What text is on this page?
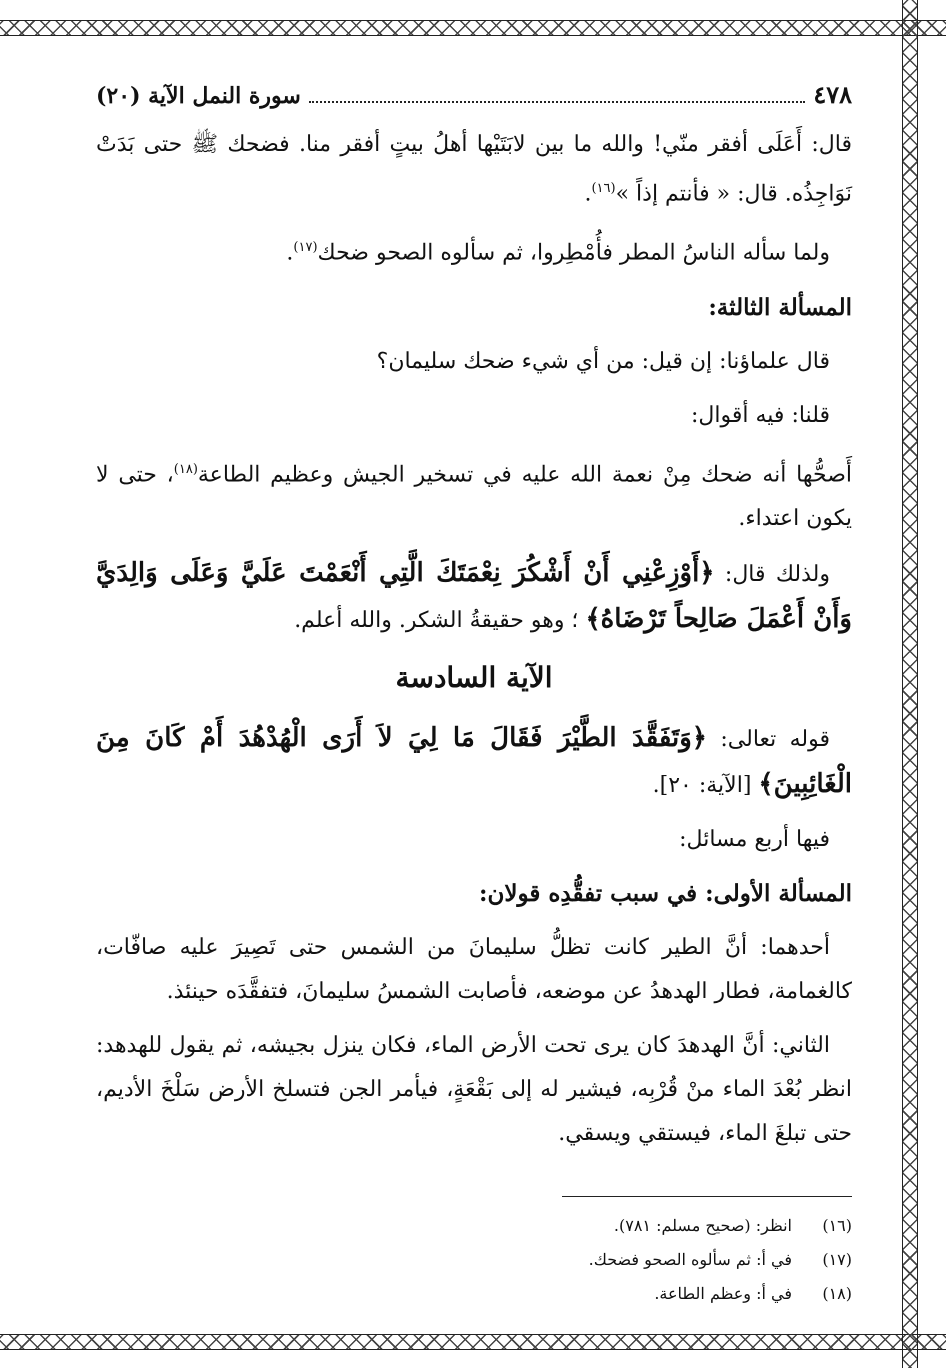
٤٧٨
سورة النمل الآية (٢٠)

قال: أَعَلَى أفقر منّي! والله ما بين لابَتَيْها أهلُ بيتٍ أفقر منا. فضحك ﷺ حتى بَدَتْ نَوَاجِذُه. قال: « فأنتم إذاً »$^{(١٦)}$.

ولما سأله الناسُ المطر فأُمْطِروا، ثم سألوه الصحو ضحك$^{(١٧)}$.

المسألة الثالثة:

قال علماؤنا: إن قيل: من أي شيء ضحك سليمان؟

قلنا: فيه أقوال:

أَصحُّها أنه ضحك مِنْ نعمة الله عليه في تسخير الجيش وعظيم الطاعة$^{(١٨)}$، حتى لا يكون اعتداء.

ولذلك قال: ﴿أَوْزِعْنِي أَنْ أَشْكُرَ نِعْمَتَكَ الَّتِي أَنْعَمْتَ عَلَيَّ وَعَلَى وَالِدَيَّ وَأَنْ أَعْمَلَ صَالِحاً تَرْضَاهُ﴾ ؛ وهو حقيقةُ الشكر. والله أعلم.

الآية السادسة

قوله تعالى: ﴿وَتَفَقَّدَ الطَّيْرَ فَقَالَ مَا لِيَ لاَ أَرَى الْهُدْهُدَ أَمْ كَانَ مِنَ الْغَائِبِينَ﴾ [الآية: ٢٠].

فيها أربع مسائل:

المسألة الأولى: في سبب تفقُّدِه قولان:

أحدهما: أنَّ الطير كانت تظلُّ سليمانَ من الشمس حتى تَصِيرَ عليه صافّات، كالغمامة، فطار الهدهدُ عن موضعه، فأصابت الشمسُ سليمانَ، فتفقَّدَه حينئذ.

الثاني: أنَّ الهدهدَ كان يرى تحت الأرض الماء، فكان ينزل بجيشه، ثم يقول للهدهد: انظر بُعْدَ الماء منْ قُرْبِه، فيشير له إلى بَقْعَةٍ، فيأمر الجن فتسلخ الأرض سَلْخَ الأديم، حتى تبلغَ الماء، فيستقي ويسقي.

(١٦)
انظر: (صحيح مسلم: ٧٨١).

(١٧)
في أ: ثم سألوه الصحو فضحك.

(١٨)
في أ: وعظم الطاعة.
